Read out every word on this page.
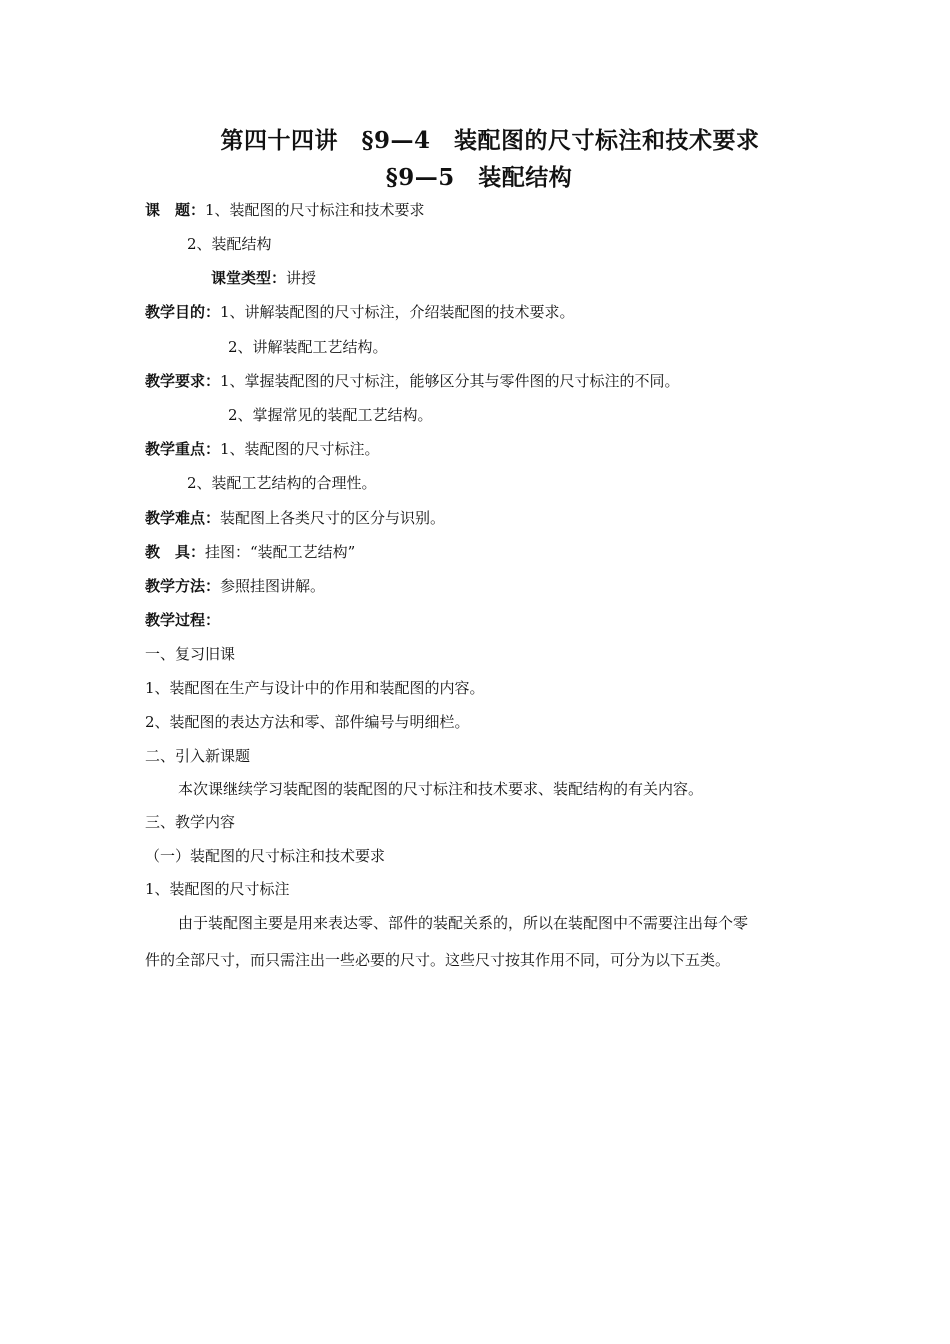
第四十四讲　§9—4　装配图的尺寸标注和技术要求
§9—5　装配结构
课　题：1、装配图的尺寸标注和技术要求
2、装配结构
课堂类型：讲授
教学目的：1、讲解装配图的尺寸标注，介绍装配图的技术要求。
2、讲解装配工艺结构。
教学要求：1、掌握装配图的尺寸标注，能够区分其与零件图的尺寸标注的不同。
2、掌握常见的装配工艺结构。
教学重点：1、装配图的尺寸标注。
2、装配工艺结构的合理性。
教学难点：装配图上各类尺寸的区分与识别。
教　具：挂图：“装配工艺结构”
教学方法：参照挂图讲解。
教学过程：
一、复习旧课
1、装配图在生产与设计中的作用和装配图的内容。
2、装配图的表达方法和零、部件编号与明细栏。
二、引入新课题
本次课继续学习装配图的装配图的尺寸标注和技术要求、装配结构的有关内容。
三、教学内容
（一）装配图的尺寸标注和技术要求
1、装配图的尺寸标注
由于装配图主要是用来表达零、部件的装配关系的，所以在装配图中不需要注出每个零
件的全部尺寸，而只需注出一些必要的尺寸。这些尺寸按其作用不同，可分为以下五类。
